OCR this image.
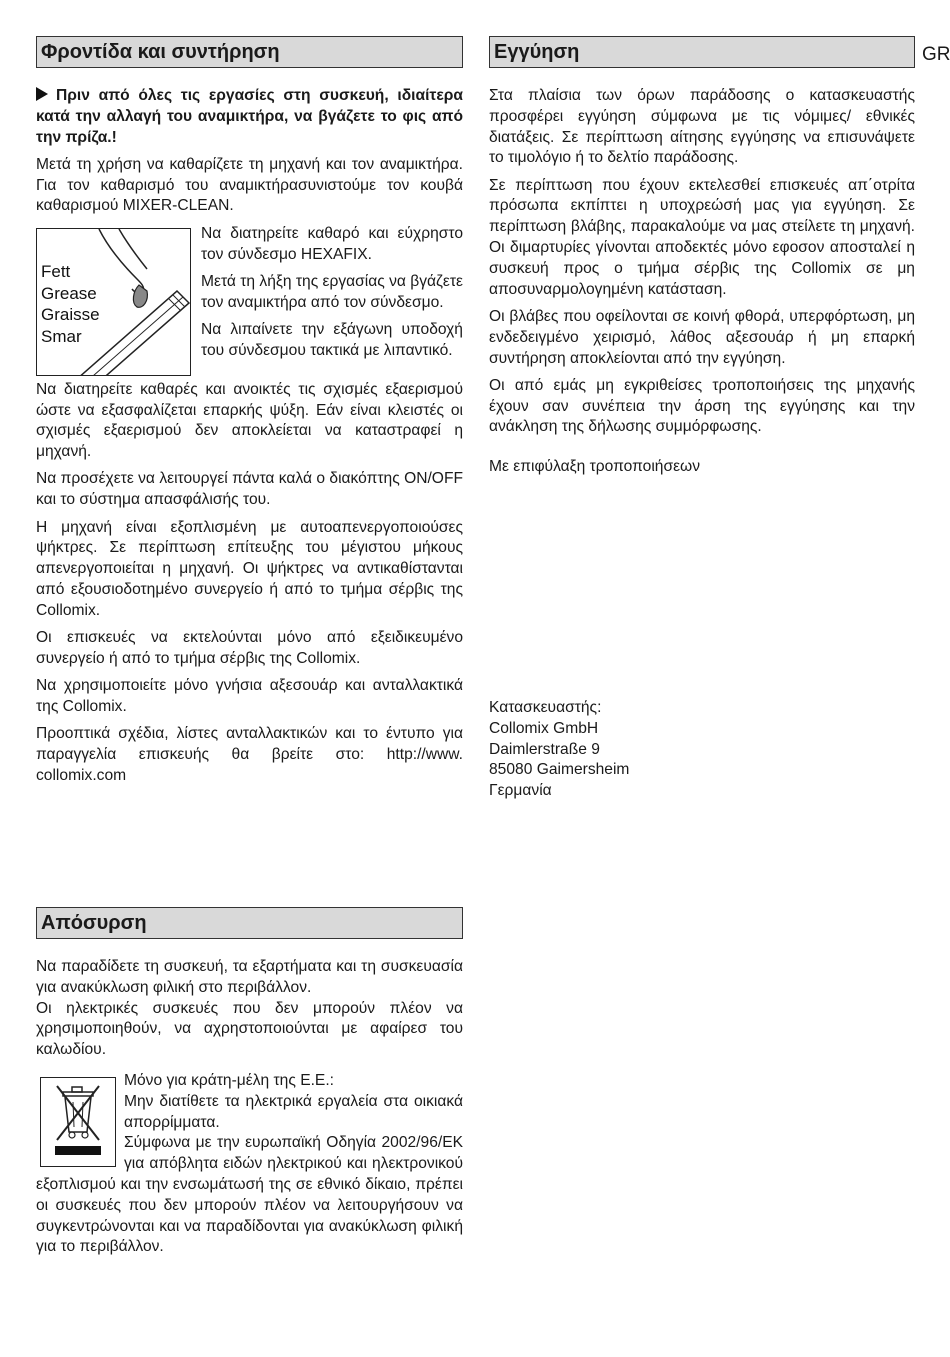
GR
Φροντίδα και συντήρηση

Πριν από όλες τις εργασίες στη συσκευή, ιδιαίτερα κατά την αλλαγή του αναμικτήρα, να βγάζετε το φις από την πρίζα.!

Μετά τη χρήση να καθαρίζετε τη μηχανή και τον αναμικτήρα. Για τον καθαρισμό του αναμικτήρασυνιστούμε τον κουβά καθαρισμού MIXER-CLEAN.

Fett
Grease
Graisse
Smar

Να διατηρείτε καθαρό και εύχρηστο τον σύνδεσμο HEXAFIX.

Μετά τη λήξη της εργασίας να βγάζετε τον αναμικτήρα από τον σύνδεσμο.

Να λιπαίνετε την εξάγωνη υποδοχή του σύνδεσμου τακτικά με λιπαντικό.

Να διατηρείτε καθαρές και ανοικτές τις σχισμές εξαερισμού ώστε να εξασφαλίζεται επαρκής ψύξη. Εάν είναι κλειστές οι σχισμές εξαερισμού δεν αποκλείεται να καταστραφεί η μηχανή.

Να προσέχετε να λειτουργεί πάντα καλά ο διακόπτης ON/OFF και το σύστημα απασφάλισής του.

Η μηχανή είναι εξοπλισμένη με αυτοαπενεργοποιούσες ψήκτρες. Σε περίπτωση επίτευξης του μέγιστου μήκους απενεργοποιείται η μηχανή. Οι ψήκτρες να αντικαθίστανται από εξουσιοδοτημένο συνεργείο ή από το τμήμα σέρβις της Collomix.

Οι επισκευές να εκτελούνται μόνο από εξειδικευμένο συνεργείο ή από το τμήμα σέρβις της Collomix.

Να χρησιμοποιείτε μόνο γνήσια αξεσουάρ και ανταλλακτικά της Collomix.

Προοπτικά σχέδια, λίστες ανταλλακτικών και το έντυπο για παραγγελία επισκευής θα βρείτε στο: http://www. collomix.com

Απόσυρση

Να παραδίδετε τη συσκευή, τα εξαρτήματα και τη συσκευασία για ανακύκλωση φιλική στο περιβάλλον.

Οι ηλεκτρικές συσκευές που δεν μπορούν πλέον να χρησιμοποιηθούν, να αχρηστοποιούνται με αφαίρεσ του καλωδίου.

Μόνο για κράτη-μέλη της Ε.Ε.:

Μην διατίθετε τα ηλεκτρικά εργαλεία στα οικιακά απορρίμματα.

Σύμφωνα με την ευρωπαϊκή Οδηγία 2002/96/ΕΚ για απόβλητα ειδών ηλεκτρικού και ηλεκτρονικού εξοπλισμού και την ενσωμάτωσή της σε εθνικό δίκαιο, πρέπει οι συσκευές που δεν μπορούν πλέον να λειτουργήσουν να συγκεντρώνονται και να παραδίδονται για ανακύκλωση φιλική για το περιβάλλον.

Εγγύηση

Στα πλαίσια των όρων παράδοσης ο κατασκευαστής προσφέρει εγγύηση σύμφωνα με τις νόμιμες/ εθνικές διατάξεις. Σε περίπτωση αίτησης εγγύησης να επισυνάψετε το τιμολόγιο ή το δελτίο παράδοσης.

Σε περίπτωση που έχουν εκτελεσθεί επισκευές απ΄οτρίτα πρόσωπα εκπίπτει η υποχρεώσή μας για εγγύηση. Σε περίπτωση βλάβης, παρακαλούμε να μας στείλετε τη μηχανή. Οι διμαρτυρίες γίνονται αποδεκτές μόνο εφοσον αποσταλεί η συσκευή προς ο τμήμα σέρβις της Collomix σε μη αποσυναρμολογημένη κατάσταση.

Οι βλάβες που οφείλονται σε κοινή φθορά, υπερφόρτωση, μη ενδεδειγμένο χειρισμό, λάθος αξεσουάρ ή μη επαρκή συντήρηση αποκλείονται από την εγγύηση.

Οι από εμάς μη εγκριθείσες τροποποιήσεις της μηχανής έχουν σαν συνέπεια την άρση της εγγύησης και την ανάκληση της δήλωσης συμμόρφωσης.

Με επιφύλαξη τροποποιήσεων

Κατασκευαστής:

Collomix GmbH

Daimlerstraße 9

85080 Gaimersheim

Γερμανία
